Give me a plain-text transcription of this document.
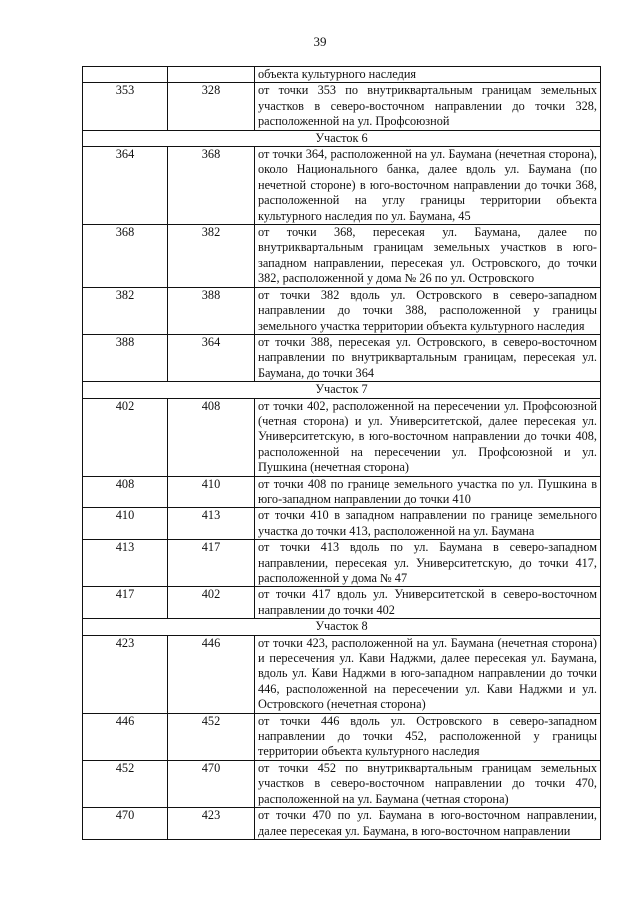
39
		объекта культурного наследия
353	328	от точки 353 по внутриквартальным границам земельных участков в северо-восточном направлении до точки 328, расположенной на ул. Профсоюзной
Участок 6		
364	368	от точки 364, расположенной на ул. Баумана (нечетная сторона), около Национального банка, далее вдоль ул. Баумана (по нечетной стороне) в юго-восточном направлении до точки 368, расположенной на углу границы территории объекта культурного наследия по ул. Баумана, 45
368	382	от точки 368, пересекая ул. Баумана, далее по внутриквартальным границам земельных участков в юго-западном направлении, пересекая ул. Островского, до точки 382, расположенной у дома № 26 по ул. Островского
382	388	от точки 382 вдоль ул. Островского в северо-западном направлении до точки 388, расположенной у границы земельного участка территории объекта культурного наследия
388	364	от точки 388, пересекая ул. Островского, в северо-восточном направлении по внутриквартальным границам, пересекая ул. Баумана, до точки 364
Участок 7		
402	408	от точки 402, расположенной на пересечении ул. Профсоюзной (четная сторона) и ул. Университетской, далее пересекая ул. Университетскую, в юго-восточном направлении до точки 408, расположенной на пересечении ул. Профсоюзной и ул. Пушкина (нечетная сторона)
408	410	от точки 408 по границе земельного участка по ул. Пушкина в юго-западном направлении до точки 410
410	413	от точки 410 в западном направлении по границе земельного участка до точки 413, расположенной на ул. Баумана
413	417	от точки 413 вдоль по ул. Баумана в северо-западном направлении, пересекая ул. Университетскую, до точки 417, расположенной у дома № 47
417	402	от точки 417 вдоль ул. Университетской в северо-восточном направлении до точки 402
Участок 8		
423	446	от точки 423, расположенной на ул. Баумана (нечетная сторона) и пересечения ул. Кави Наджми, далее пересекая ул. Баумана, вдоль ул. Кави Наджми в юго-западном направлении до точки 446, расположенной на пересечении ул. Кави Наджми и ул. Островского (нечетная сторона)
446	452	от точки 446 вдоль ул. Островского в северо-западном направлении до точки 452, расположенной у границы территории объекта культурного наследия
452	470	от точки 452 по внутриквартальным границам земельных участков в северо-восточном направлении до точки 470, расположенной на ул. Баумана (четная сторона)
470	423	от точки 470 по ул. Баумана в юго-восточном направлении, далее пересекая ул. Баумана, в юго-восточном направлении
